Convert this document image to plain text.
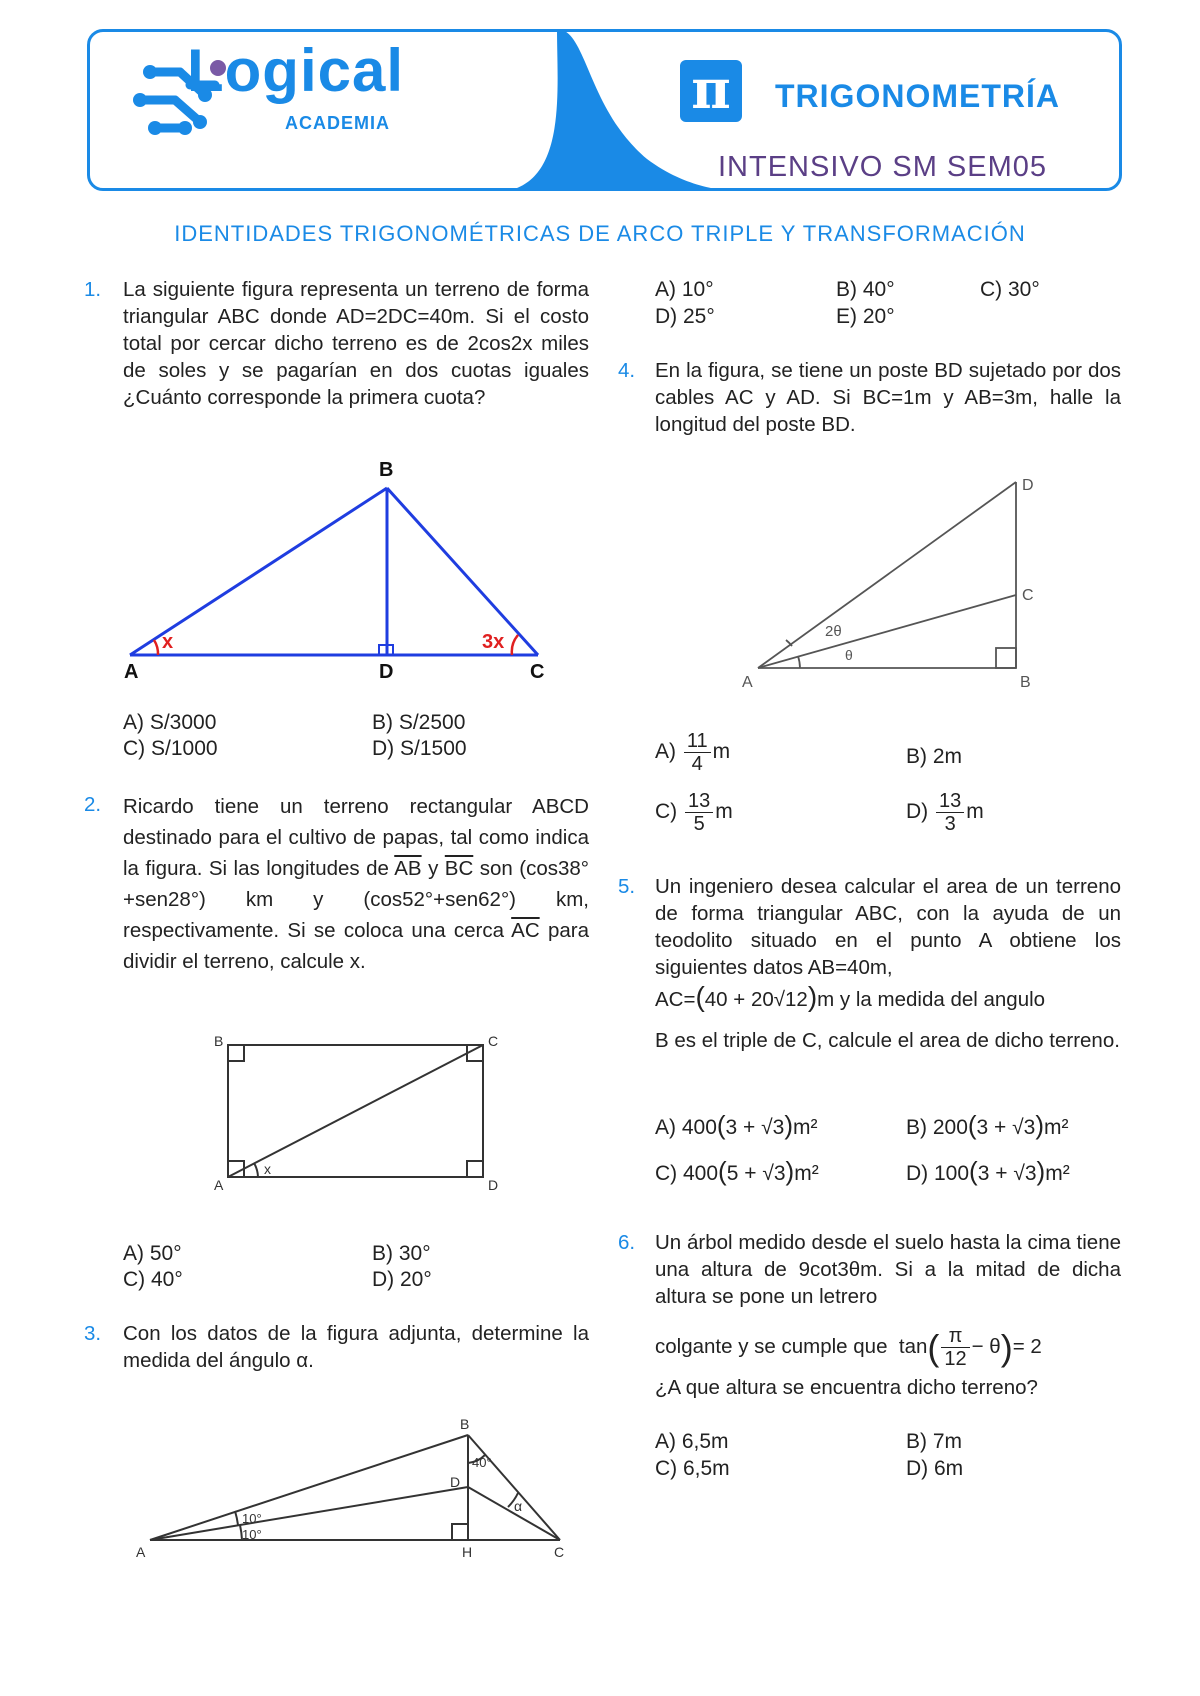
Logical
ACADEMIA
π	TRIGONOMETRÍA
INTENSIVO SM SEM05
IDENTIDADES TRIGONOMÉTRICAS DE ARCO TRIPLE Y TRANSFORMACIÓN
1. La siguiente figura representa un terreno de forma triangular ABC donde AD=2DC=40m. Si el costo total por cercar dicho terreno es de 2cos2x miles de soles y se pagarían en dos cuotas iguales ¿Cuánto corresponde la primera cuota?
A
B
C
D
x	3x
A) S/3000	B) S/2500
C) S/1000	D) S/1500
2. Ricardo tiene un terreno rectangular ABCD destinado para el cultivo de papas, tal como indica la figura. Si las longitudes de $\overline{AB}$ y $\overline{BC}$ son (cos38°+sen28°) km y (cos52°+sen62°) km, respectivamente. Si se coloca una cerca $\overline{AC}$ para dividir el terreno, calcule x.
B	C
A	D
x
A) 50°	B) 30°
C) 40°	D) 20°
3. Con los datos de la figura adjunta, determine la medida del ángulo α.
A
B
C
D
H
10°
10°
40°
α
A) 10°	B) 40°	C) 30°
D) 25°	E) 20°
4. En la figura, se tiene un poste BD sujetado por dos cables AC y AD. Si BC=1m y AB=3m, halle la longitud del poste BD.
A	B
C
D
2θ
θ
$A) \frac{11}{4}$ m	B) 2m
$C) \frac{13}{5}$ m	$D) \frac{13}{3}$ m
5. Un ingeniero desea calcular el area de un terreno de forma triangular ABC, con la ayuda de un teodolito situado en el punto A obtiene los siguientes datos AB=40m,
AC=(40 + 20√12)m y la medida del angulo
B es el triple de C, calcule el area de dicho terreno.
A) 400(3 + √3)m²	B) 200(3 + √3)m²
C) 400(5 + √3)m²	D) 100(3 + √3)m²
6. Un árbol medido desde el suelo hasta la cima tiene una altura de 9cot3θm. Si a la mitad de dicha altura se pone un letrero
colgante y se cumple que $\tan( \frac{\pi}{12} - \theta)= 2$
¿A que altura se encuentra dicho terreno?
A) 6,5m	B) 7m
C) 6,5m	D) 6m
